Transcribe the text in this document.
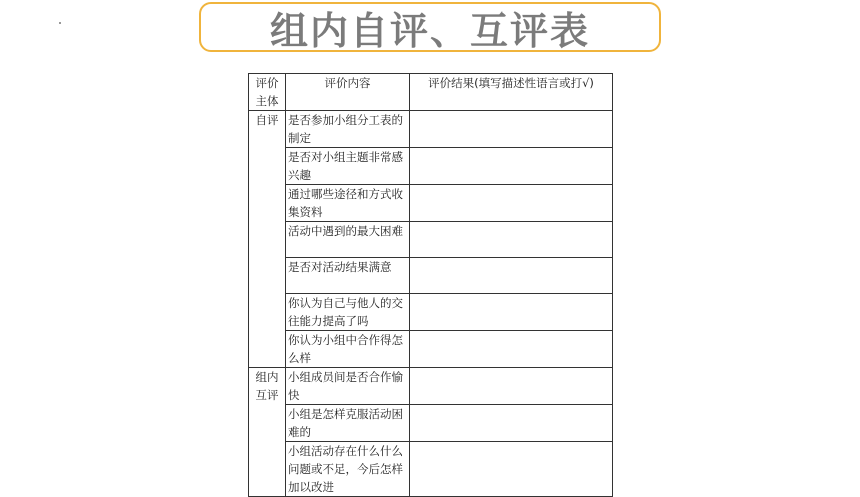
组内自评、互评表
评价主体	评价内容	评价结果(填写描述性语言或打√)
自评	是否参加小组分工表的制定	
	是否对小组主题非常感兴趣	
	通过哪些途径和方式收集资料	
	活动中遇到的最大困难	
	是否对活动结果满意	
	你认为自己与他人的交往能力提高了吗	
	你认为小组中合作得怎么样	
组内互评	小组成员间是否合作愉快	
	小组是怎样克服活动困难的	
	小组活动存在什么什么问题或不足，今后怎样加以改进	
